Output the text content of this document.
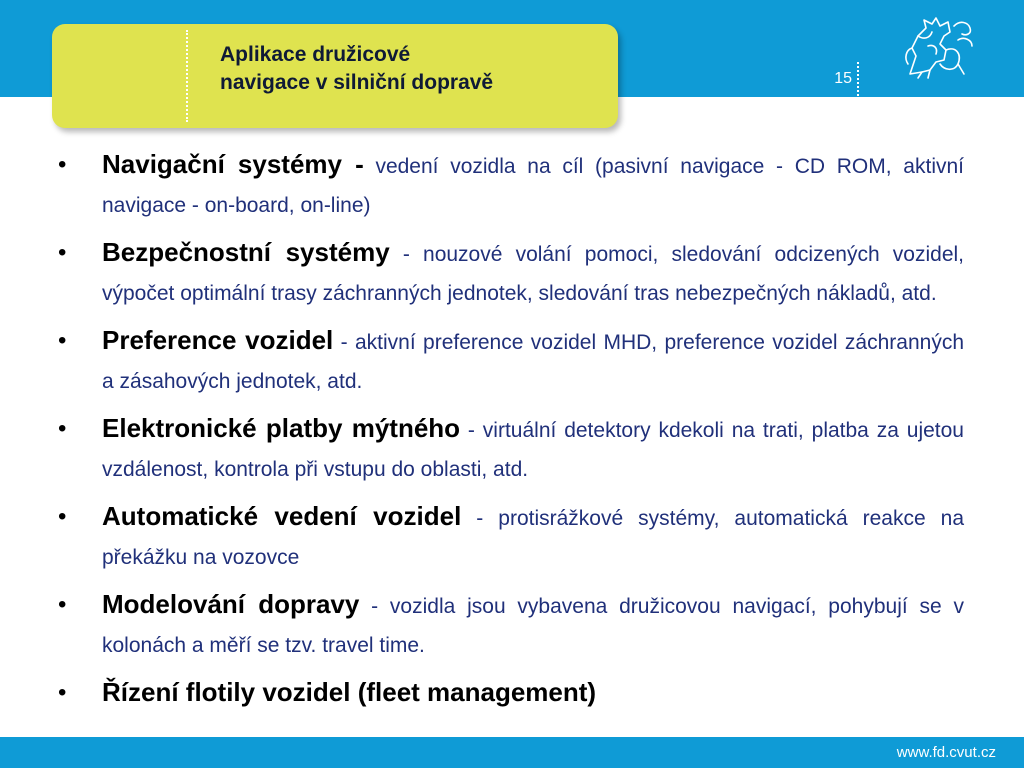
Aplikace družicové
navigace v silniční dopravě	15
• Navigační systémy - vedení vozidla na cíl (pasivní navigace - CD ROM, aktivní navigace - on-board, on-line)
• Bezpečnostní systémy - nouzové volání pomoci, sledování odcizených vozidel, výpočet optimální trasy záchranných jednotek, sledování tras nebezpečných nákladů, atd.
• Preference vozidel - aktivní preference vozidel MHD, preference vozidel záchranných a zásahových jednotek, atd.
• Elektronické platby mýtného - virtuální detektory kdekoli na trati, platba za ujetou vzdálenost, kontrola při vstupu do oblasti, atd.
• Automatické vedení vozidel - protisrážkové systémy, automatická reakce na překážku na vozovce
• Modelování dopravy - vozidla jsou vybavena družicovou navigací, pohybují se v kolonách a měří se tzv. travel time.
• Řízení flotily vozidel (fleet management)
www.fd.cvut.cz
